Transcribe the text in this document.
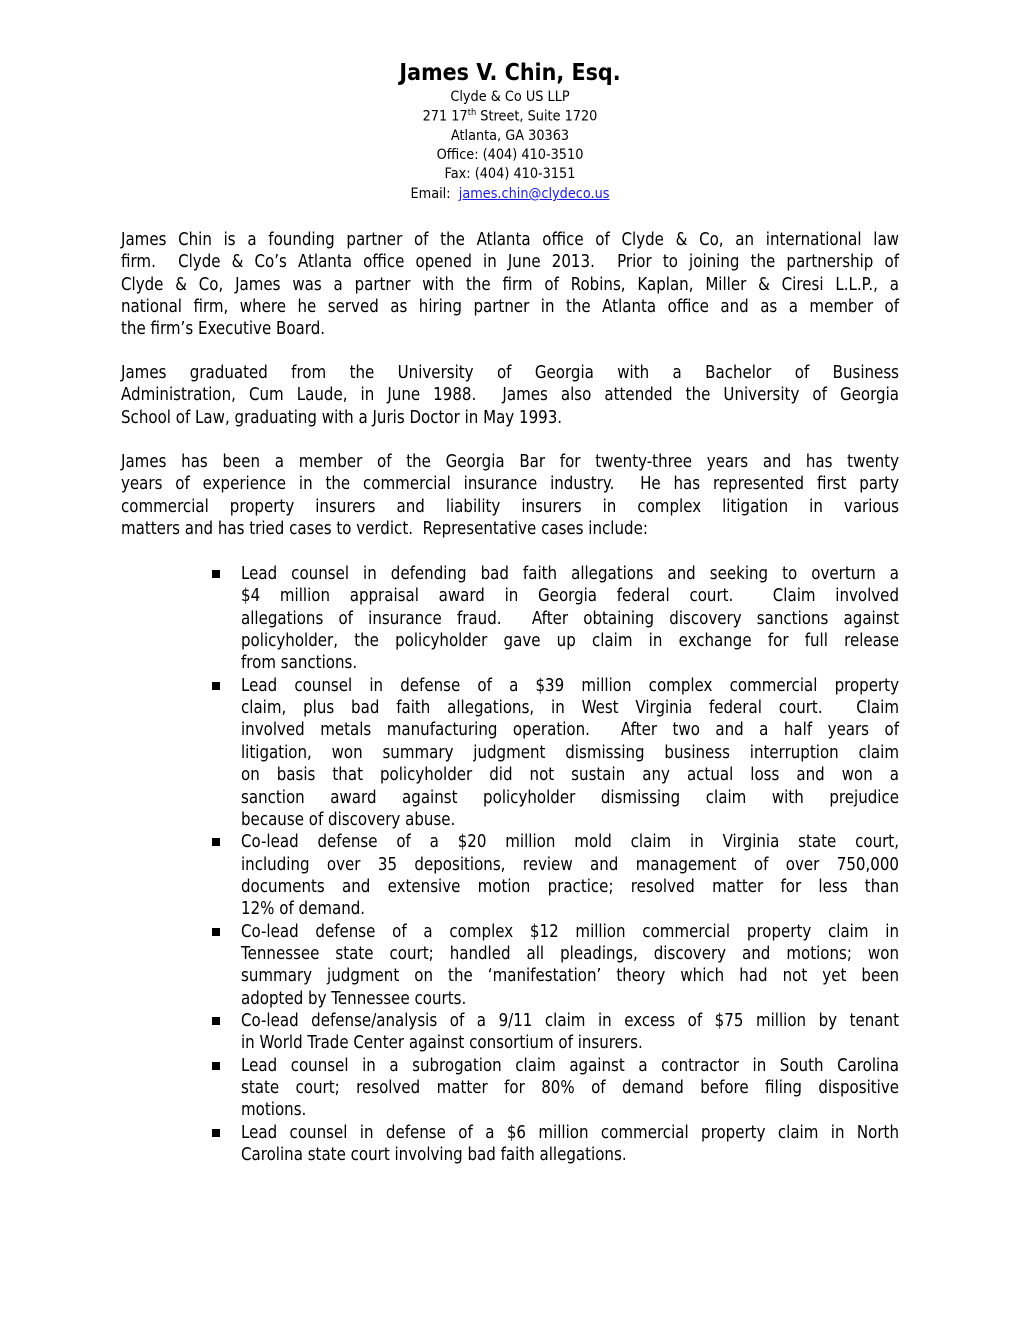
James V. Chin, Esq.
Clyde & Co US LLP
271 17th Street, Suite 1720
Atlanta, GA 30363
Office: (404) 410-3510
Fax: (404) 410-3151
Email:  james.chin@clydeco.us
James Chin is a founding partner of the Atlanta office of Clyde & Co, an international law
firm.  Clyde & Co’s Atlanta office opened in June 2013.  Prior to joining the partnership of
Clyde & Co, James was a partner with the firm of Robins, Kaplan, Miller & Ciresi L.L.P., a
national firm, where he served as hiring partner in the Atlanta office and as a member of
the firm’s Executive Board.
James graduated from the University of Georgia with a Bachelor of Business
Administration, Cum Laude, in June 1988.  James also attended the University of Georgia
School of Law, graduating with a Juris Doctor in May 1993.
James has been a member of the Georgia Bar for twenty-three years and has twenty
years of experience in the commercial insurance industry.  He has represented first party
commercial property insurers and liability insurers in complex litigation in various
matters and has tried cases to verdict.  Representative cases include:
Lead counsel in defending bad faith allegations and seeking to overturn a
$4 million appraisal award in Georgia federal court.  Claim involved
allegations of insurance fraud.  After obtaining discovery sanctions against
policyholder, the policyholder gave up claim in exchange for full release
from sanctions.
Lead counsel in defense of a $39 million complex commercial property
claim, plus bad faith allegations, in West Virginia federal court.  Claim
involved metals manufacturing operation.  After two and a half years of
litigation, won summary judgment dismissing business interruption claim
on basis that policyholder did not sustain any actual loss and won a
sanction award against policyholder dismissing claim with prejudice
because of discovery abuse.
Co-lead defense of a $20 million mold claim in Virginia state court,
including over 35 depositions, review and management of over 750,000
documents and extensive motion practice; resolved matter for less than
12% of demand.
Co-lead defense of a complex $12 million commercial property claim in
Tennessee state court; handled all pleadings, discovery and motions; won
summary judgment on the ‘manifestation’ theory which had not yet been
adopted by Tennessee courts.
Co-lead defense/analysis of a 9/11 claim in excess of $75 million by tenant
in World Trade Center against consortium of insurers.
Lead counsel in a subrogation claim against a contractor in South Carolina
state court; resolved matter for 80% of demand before filing dispositive
motions.
Lead counsel in defense of a $6 million commercial property claim in North
Carolina state court involving bad faith allegations.
